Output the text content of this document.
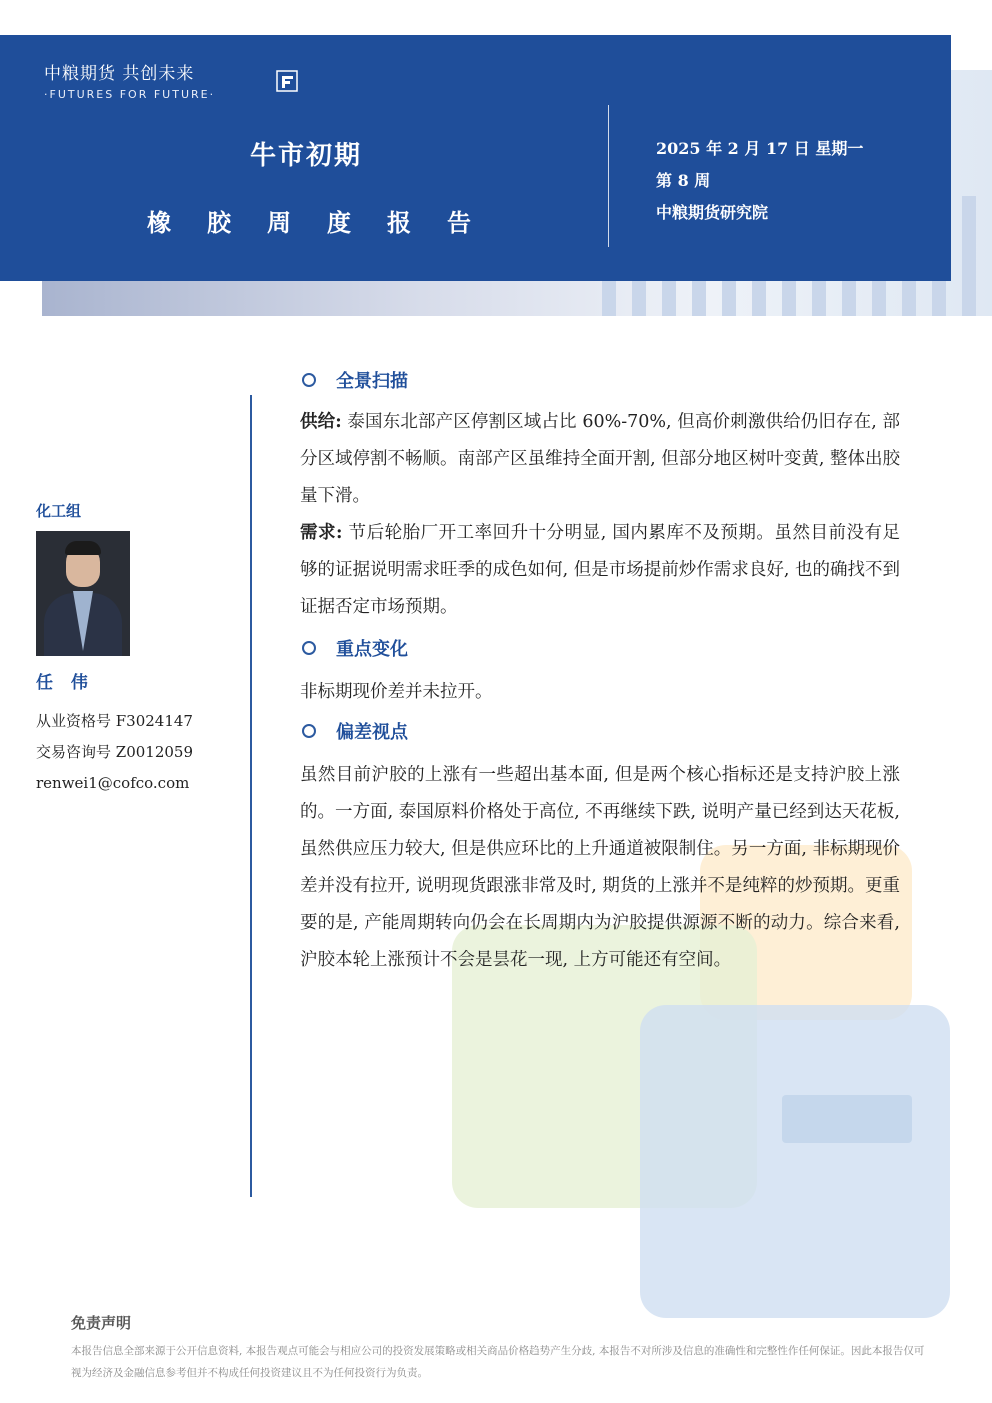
中粮期货 共创未来
·FUTURES FOR FUTURE·
牛市初期
橡胶周度报告
2025 年 2 月 17 日 星期一
第 8 周
中粮期货研究院
化工组
任 伟
从业资格号 F3024147
交易咨询号 Z0012059
renwei1@cofco.com
全景扫描

供给: 泰国东北部产区停割区域占比 60%-70%, 但高价刺激供给仍旧存在, 部分区域停割不畅顺。南部产区虽维持全面开割, 但部分地区树叶变黄, 整体出胶量下滑。

需求: 节后轮胎厂开工率回升十分明显, 国内累库不及预期。虽然目前没有足够的证据说明需求旺季的成色如何, 但是市场提前炒作需求良好, 也的确找不到证据否定市场预期。

重点变化

非标期现价差并未拉开。

偏差视点

虽然目前沪胶的上涨有一些超出基本面, 但是两个核心指标还是支持沪胶上涨的。一方面, 泰国原料价格处于高位, 不再继续下跌, 说明产量已经到达天花板, 虽然供应压力较大, 但是供应环比的上升通道被限制住。另一方面, 非标期现价差并没有拉开, 说明现货跟涨非常及时, 期货的上涨并不是纯粹的炒预期。更重要的是, 产能周期转向仍会在长周期内为沪胶提供源源不断的动力。综合来看, 沪胶本轮上涨预计不会是昙花一现, 上方可能还有空间。

免责声明
本报告信息全部来源于公开信息资料, 本报告观点可能会与相应公司的投资发展策略或相关商品价格趋势产生分歧, 本报告不对所涉及信息的准确性和完整性作任何保证。因此本报告仅可视为经济及金融信息参考但并不构成任何投资建议且不为任何投资行为负责。
